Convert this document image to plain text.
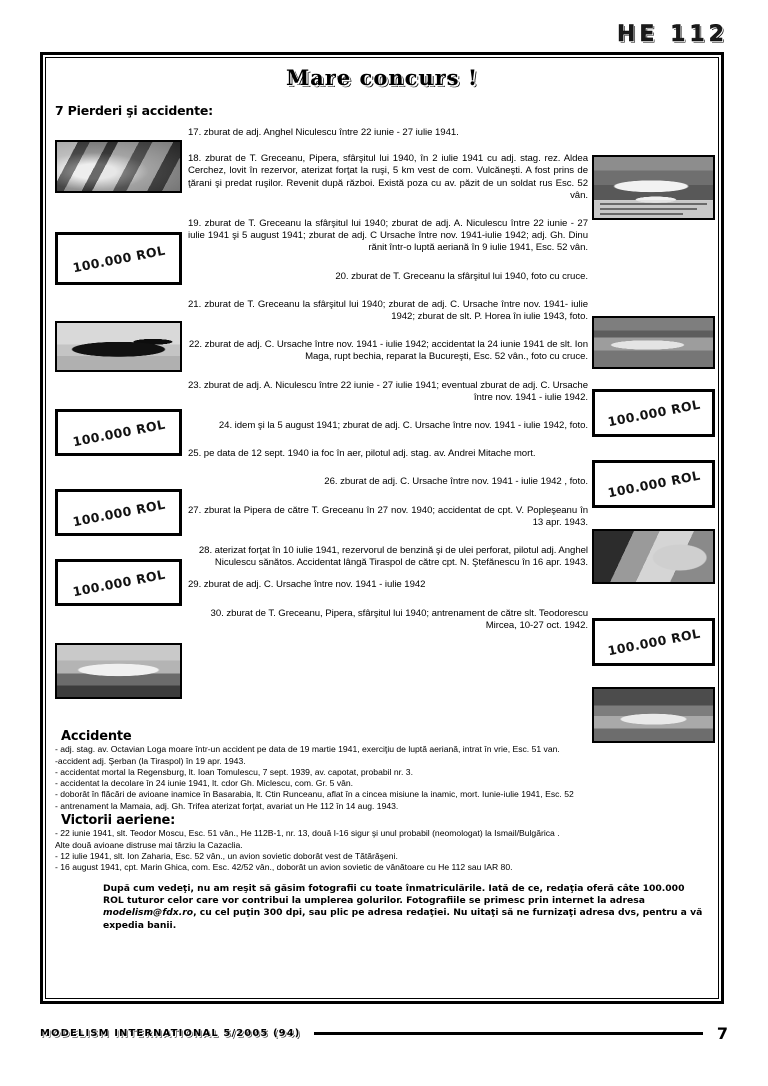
HE 112
Mare concurs !
7 Pierderi şi accidente:
100.000 ROL
100.000 ROL
100.000 ROL
100.000 ROL
100.000 ROL
100.000 ROL
100.000 ROL
17. zburat de adj. Anghel Niculescu între 22 iunie - 27 iulie 1941.
18. zburat de T. Greceanu, Pipera, sfârşitul lui 1940, în 2 iulie 1941 cu adj. stag. rez. Aldea Cerchez, lovit în rezervor, aterizat forţat la ruşi, 5 km vest de com. Vulcăneşti. A fost prins de ţărani şi predat ruşilor. Revenit după război. Există poza cu av. păzit de un soldat rus Esc. 52 vân.
19. zburat de T. Greceanu la sfârşitul lui 1940; zburat de adj. A. Niculescu între 22 iunie - 27 iulie 1941 şi 5 august 1941; zburat de adj. C Ursache între nov. 1941-iulie 1942; adj. Gh. Dinu rănit într-o luptă aeriană în 9 iulie 1941, Esc. 52 vân.
20. zburat de T. Greceanu la sfârşitul lui 1940, foto cu cruce.
21. zburat de T. Greceanu la sfârşitul lui 1940; zburat de adj. C. Ursache între nov. 1941- iulie 1942; zburat de slt. P. Horea în iulie 1943, foto.
22. zburat de adj. C. Ursache între nov. 1941 - iulie 1942; accidentat la 24 iunie 1941 de slt. Ion Maga, rupt bechia, reparat la Bucureşti, Esc. 52 vân., foto cu cruce.
23. zburat de adj. A. Niculescu între 22 iunie - 27 iulie 1941; eventual zburat de adj. C. Ursache între nov. 1941 - iulie 1942.
24. idem şi la 5 august 1941; zburat de adj. C. Ursache între nov. 1941 - iulie 1942, foto.
25. pe data de 12 sept. 1940 ia foc în aer, pilotul adj. stag. av. Andrei Mitache mort.
26. zburat de adj. C. Ursache între nov. 1941 - iulie 1942 , foto.
27. zburat la Pipera de către T. Greceanu în 27 nov. 1940; accidentat de cpt. V. Popleşeanu în 13 apr. 1943.
28. aterizat forţat în 10 iulie 1941, rezervorul de benzină şi de ulei perforat, pilotul adj. Anghel Niculescu sănătos. Accidentat lângă Tiraspol de către cpt. N. Ştefănescu în 16 apr. 1943.
29. zburat de adj. C. Ursache între nov. 1941 - iulie 1942
30. zburat de T. Greceanu, Pipera, sfârşitul lui 1940; antrenament de către slt. Teodorescu Mircea, 10-27 oct. 1942.
Accidente

- adj. stag. av. Octavian Loga moare într-un accident pe data de 19 martie 1941, exerciţiu de luptă aeriană, intrat în vrie, Esc. 51 van.

-accident adj. Şerban (la Tiraspol) în 19 apr. 1943.

- accidentat mortal la Regensburg, lt. Ioan Tomulescu, 7 sept. 1939, av. capotat, probabil nr. 3.

- accidentat la decolare în 24 iunie 1941, lt. cdor Gh. Miclescu, com. Gr. 5 vân.

- doborât în flăcări de avioane inamice în Basarabia, lt. Ctin Runceanu, aflat în a cincea misiune la inamic, mort. Iunie-iulie 1941, Esc. 52

- antrenament la Mamaia, adj. Gh. Trifea aterizat forţat, avariat un He 112 în 14 aug. 1943.

Victorii aeriene:

- 22 iunie 1941, slt. Teodor Moscu, Esc. 51 vân., He 112B-1, nr. 13, două I-16 sigur şi unul probabil (neomologat) la Ismail/Bulgărica .

Alte două avioane distruse mai târziu la Cazaclia.

- 12 iulie 1941, slt. Ion Zaharia, Esc. 52 vân., un avion sovietic doborât vest de Tătărăşeni.

- 16 august 1941, cpt. Marin Ghica, com. Esc. 42/52 vân., doborât un avion sovietic de vânătoare cu He 112 sau IAR 80.

După cum vedeţi, nu am reşit să găsim fotografii cu toate înmatriculările. Iată de ce, redaţia oferă câte 100.000 ROL tuturor celor care vor contribui la umplerea golurilor. Fotografiile se primesc prin internet la adresa modelism@fdx.ro, cu cel puţin 300 dpi, sau plic pe adresa redaţiei. Nu uitaţi să ne furnizaţi adresa dvs, pentru a vă expedia banii.
MODELISM INTERNATIONAL 5/2005 (94)	7
